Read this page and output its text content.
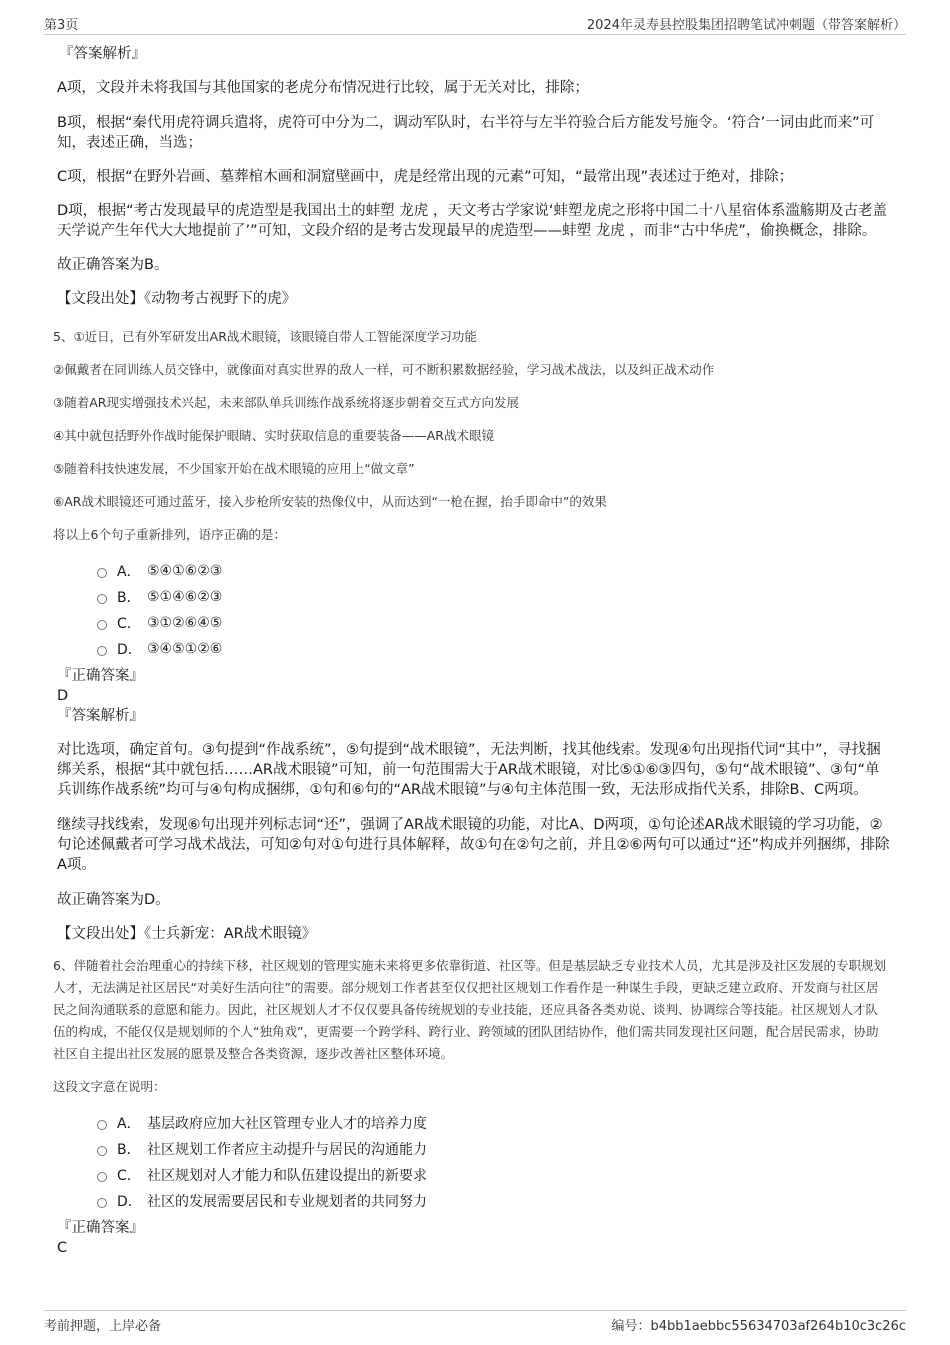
第3页	2024年灵寿县控股集团招聘笔试冲刺题（带答案解析）

『答案解析』

A项，文段并未将我国与其他国家的老虎分布情况进行比较，属于无关对比，排除；

B项，根据“秦代用虎符调兵遣将，虎符可中分为二，调动军队时，右半符与左半符验合后方能发号施令。‘符合’一词由此而来”可知，表述正确，当选；

C项，根据“在野外岩画、墓葬棺木画和洞窟壁画中，虎是经常出现的元素”可知，“最常出现”表述过于绝对，排除；

D项，根据“考古发现最早的虎造型是我国出土的蚌塑 龙虎 ，天文考古学家说‘蚌塑龙虎之形将中国二十八星宿体系滥觞期及古老盖天学说产生年代大大地提前了’”可知，文段介绍的是考古发现最早的虎造型——蚌塑 龙虎 ，而非“古中华虎”，偷换概念，排除。

故正确答案为B。

【文段出处】《动物考古视野下的虎》

5、①近日，已有外军研发出AR战术眼镜，该眼镜自带人工智能深度学习功能

②佩戴者在同训练人员交锋中，就像面对真实世界的敌人一样，可不断积累数据经验，学习战术战法，以及纠正战术动作

③随着AR现实增强技术兴起，未来部队单兵训练作战系统将逐步朝着交互式方向发展

④其中就包括野外作战时能保护眼睛、实时获取信息的重要装备——AR战术眼镜

⑤随着科技快速发展，不少国家开始在战术眼镜的应用上“做文章”

⑥AR战术眼镜还可通过蓝牙，接入步枪所安装的热像仪中，从而达到“一枪在握，抬手即命中”的效果

将以上6个句子重新排列，语序正确的是：

A． ⑤④①⑥②③
B． ⑤①④⑥②③
C． ③①②⑥④⑤
D． ③④⑤①②⑥

『正确答案』

D

『答案解析』

对比选项，确定首句。③句提到“作战系统”，⑤句提到“战术眼镜”，无法判断，找其他线索。发现④句出现指代词“其中”，寻找捆绑关系，根据“其中就包括……AR战术眼镜”可知，前一句范围需大于AR战术眼镜，对比⑤①⑥③四句，⑤句“战术眼镜”、③句“单兵训练作战系统”均可与④句构成捆绑，①句和⑥句的“AR战术眼镜”与④句主体范围一致，无法形成指代关系，排除B、C两项。

继续寻找线索，发现⑥句出现并列标志词“还”，强调了AR战术眼镜的功能，对比A、D两项，①句论述AR战术眼镜的学习功能，②句论述佩戴者可学习战术战法，可知②句对①句进行具体解释，故①句在②句之前，并且②⑥两句可以通过“还”构成并列捆绑，排除A项。

故正确答案为D。

【文段出处】《士兵新宠：AR战术眼镜》

6、伴随着社会治理重心的持续下移，社区规划的管理实施未来将更多依靠街道、社区等。但是基层缺乏专业技术人员，尤其是涉及社区发展的专职规划人才，无法满足社区居民“对美好生活向往”的需要。部分规划工作者甚至仅仅把社区规划工作看作是一种谋生手段，更缺乏建立政府、开发商与社区居民之间沟通联系的意愿和能力。因此，社区规划人才不仅仅要具备传统规划的专业技能，还应具备各类劝说、谈判、协调综合等技能。社区规划人才队伍的构成，不能仅仅是规划师的个人“独角戏”，更需要一个跨学科、跨行业、跨领域的团队团结协作，他们需共同发现社区问题，配合居民需求，协助社区自主提出社区发展的愿景及整合各类资源，逐步改善社区整体环境。

这段文字意在说明：

A． 基层政府应加大社区管理专业人才的培养力度
B． 社区规划工作者应主动提升与居民的沟通能力
C． 社区规划对人才能力和队伍建设提出的新要求
D． 社区的发展需要居民和专业规划者的共同努力

『正确答案』

C

考前押题，上岸必备	编号：b4bb1aebbc55634703af264b10c3c26c
